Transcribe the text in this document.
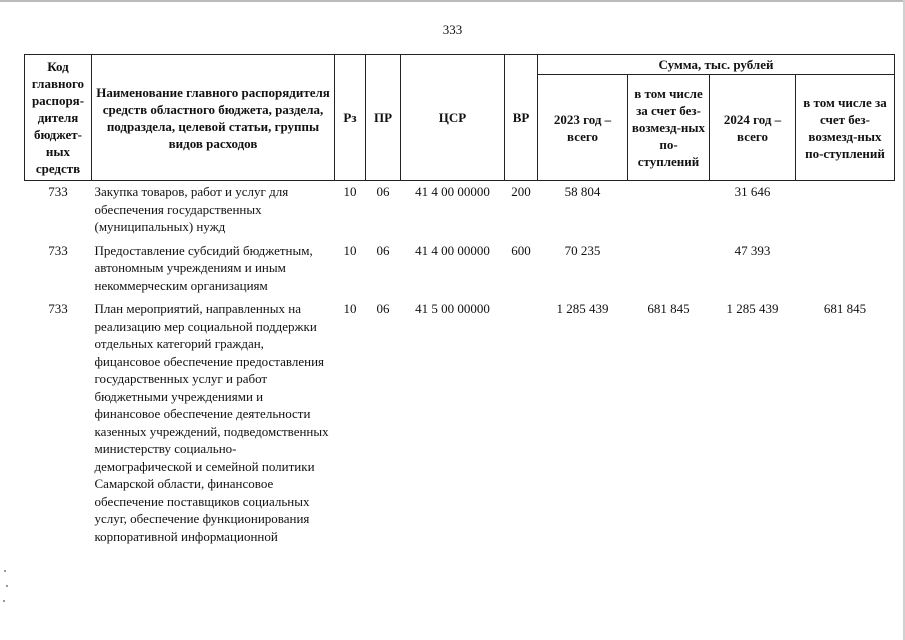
333
Код главного распоря-дителя бюджет-ных средств	Наименование главного распорядителя средств областного бюджета, раздела, подраздела, целевой статьи, группы видов расходов	Рз	ПР	ЦСР	ВР	Сумма, тыс. рублей			
						2023 год – всего	в том числе за счет без-возмезд-ных по-ступлений	2024 год – всего	в том числе за счет без-возмезд-ных по-ступлений
733	Закупка товаров, работ и услуг для обеспечения государственных (муниципальных) нужд	10	06	41 4 00 00000	200	58 804		31 646	
733	Предоставление субсидий бюджетным, автономным учреждениям и иным некоммерческим организациям	10	06	41 4 00 00000	600	70 235		47 393	
733	План мероприятий, направленных на реализацию мер социальной поддержки отдельных категорий граждан, фицансовое обеспечение предоставления государственных услуг и работ бюджетными учреждениями и финансовое обеспечение деятельности казенных учреждений, подведомственных министерству социально-демографической и семейной политики Самарской области, финансовое обеспечение поставщиков социальных услуг, обеспечение функционирования корпоративной информационной	10	06	41 5 00 00000		1 285 439	681 845	1 285 439	681 845
